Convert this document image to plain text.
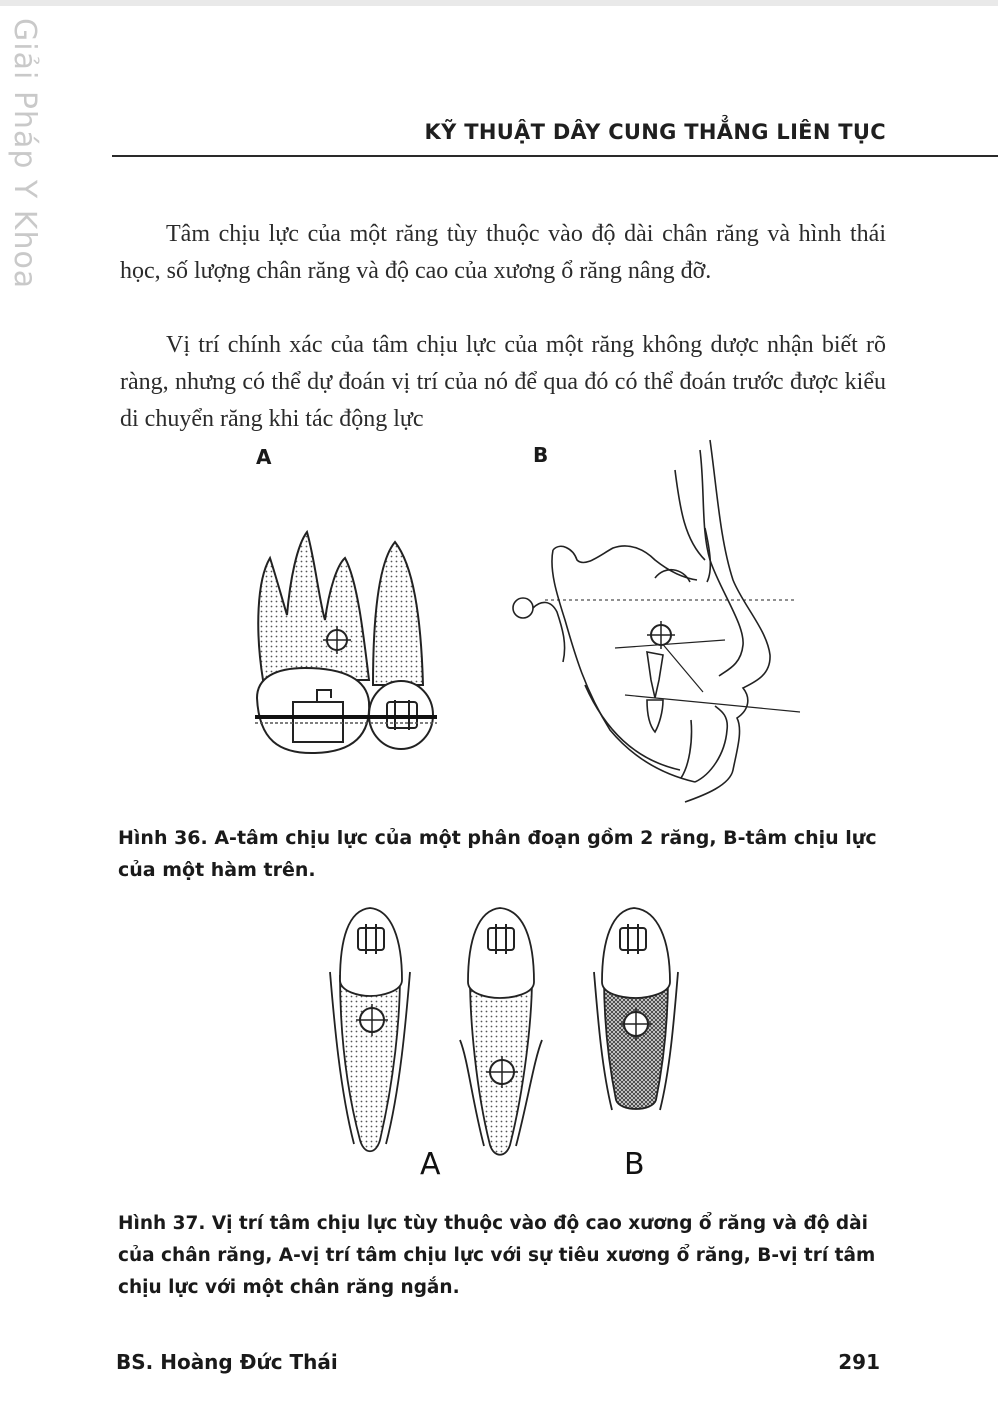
Giải Pháp Y Khoa	KỸ THUẬT DÂY CUNG THẲNG LIÊN TỤC

Tâm chịu lực của một răng tùy thuộc vào độ dài chân răng và hình thái học, số lượng chân răng và độ cao của xương ổ răng nâng đỡ.

Vị trí chính xác của tâm chịu lực của một răng không dược nhận biết rõ ràng, nhưng có thể dự đoán vị trí của nó để qua đó có thể đoán trước được kiểu di chuyển răng khi tác động lực

A	B
Hình 36. A-tâm chịu lực của một phân đoạn gồm 2 răng, B-tâm chịu lực của một hàm trên.
A	B
Hình 37. Vị trí tâm chịu lực tùy thuộc vào độ cao xương ổ răng và độ dài của chân răng, A-vị trí tâm chịu lực với sự tiêu xương ổ răng, B-vị trí tâm chịu lực với một chân răng ngắn.
BS. Hoàng Đức Thái	291
